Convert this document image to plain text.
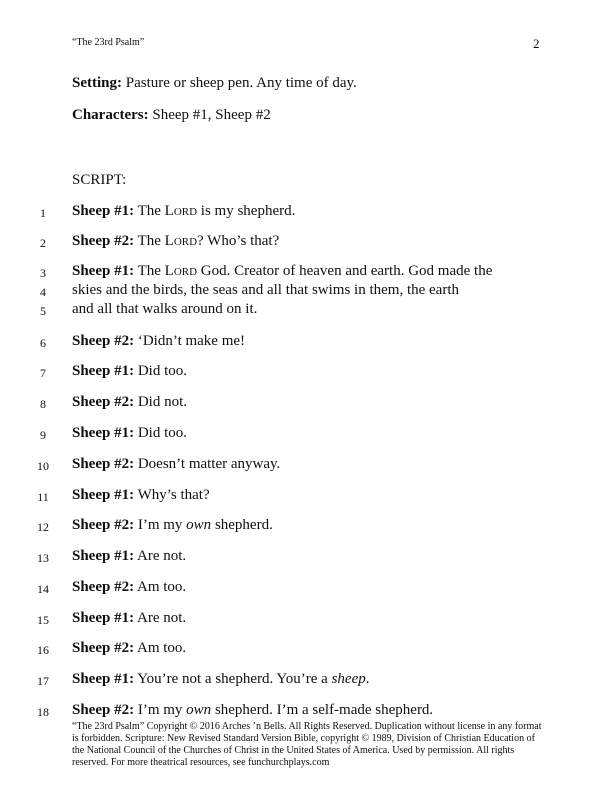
“The 23rd Psalm”	2
Setting: Pasture or sheep pen. Any time of day.
Characters: Sheep #1, Sheep #2
SCRIPT:
1	Sheep #1: The Lord is my shepherd.
2	Sheep #2: The Lord? Who’s that?
3	Sheep #1: The Lord God. Creator of heaven and earth. God made the
4	skies and the birds, the seas and all that swims in them, the earth
5	and all that walks around on it.
6	Sheep #2: ‘Didn’t make me!
7	Sheep #1: Did too.
8	Sheep #2: Did not.
9	Sheep #1: Did too.
10	Sheep #2: Doesn’t matter anyway.
11	Sheep #1: Why’s that?
12	Sheep #2: I’m my own shepherd.
13	Sheep #1: Are not.
14	Sheep #2: Am too.
15	Sheep #1: Are not.
16	Sheep #2: Am too.
17	Sheep #1: You’re not a shepherd. You’re a sheep.
18	Sheep #2: I’m my own shepherd. I’m a self-made shepherd.
“The 23rd Psalm” Copyright © 2016 Arches ’n Bells. All Rights Reserved. Duplication without license in any format is forbidden. Scripture: New Revised Standard Version Bible, copyright © 1989, Division of Christian Education of the National Council of the Churches of Christ in the United States of America. Used by permission. All rights reserved. For more theatrical resources, see funchurchplays.com
